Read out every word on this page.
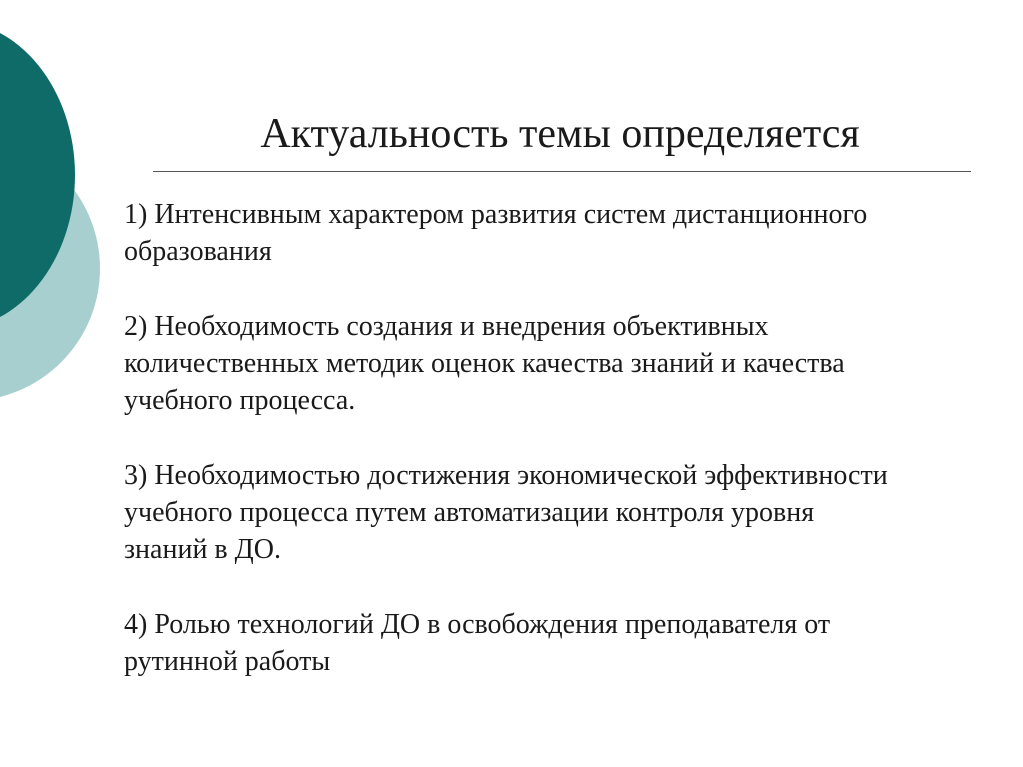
Актуальность темы определяется
1) Интенсивным характером развития систем дистанционного
образования
2) Необходимость создания и внедрения объективных
количественных методик оценок качества знаний и качества
учебного процесса.
3) Необходимостью достижения экономической эффективности
учебного процесса путем автоматизации контроля уровня
знаний в ДО.
4) Ролью технологий ДО в освобождения преподавателя от
рутинной работы
